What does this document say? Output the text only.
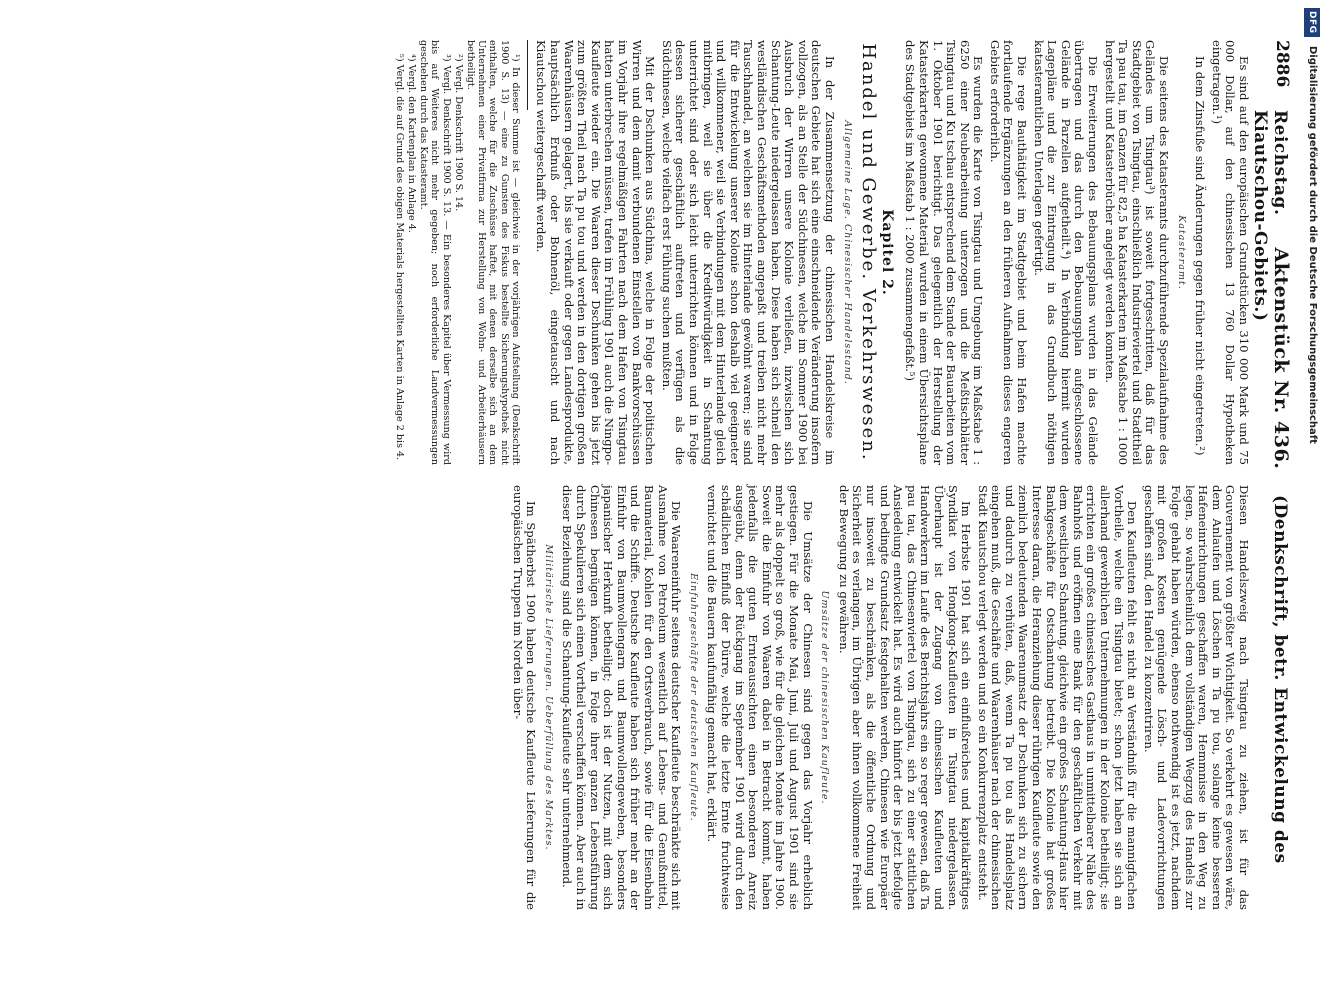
2886
Reichstag.     Aktenstück Nr. 436.    (Denkschrift, betr. Entwickelung des Kiautschou-Gebiets.)

Es sind auf den europäischen Grundstücken 310 000 Mark und 75 000 Dollar, auf den chinesischen 13 760 Dollar Hypotheken eingetragen.¹)

In dem Zinsfuße sind Änderungen gegen früher nicht eingetreten.²)

Katasteramt.

Die seitens des Katasteramts durchzuführende Spezialaufnahme des Geländes um Tsingtau³) ist soweit fortgeschritten, daß für das Stadtgebiet von Tsingtau, einschließlich Industrieviertel und Stadttheil Ta pau tau, im Ganzen für 82,5 ha Katasterkarten im Maßstabe 1 : 1000 hergestellt und Katasterbücher angelegt werden konnten.

Die Erweiterungen des Bebauungsplans wurden in das Gelände übertragen und das durch den Bebauungsplan aufgeschlossene Gelände in Parzellen aufgetheilt.⁴) In Verbindung hiermit wurden Lagepläne und die zur Eintragung in das Grundbuch nöthigen katasteramtlichen Unterlagen gefertigt.

Die rege Bauthätigkeit im Stadtgebiet und beim Hafen machte fortlaufende Ergänzungen an den früheren Aufnahmen dieses engeren Gebiets erforderlich.

Es wurden die Karte von Tsingtau und Umgebung im Maßstabe 1 : 6250 einer Neubearbeitung unterzogen und die Meßtischblätter Tsingtau und Ku tschau entsprechend dem Stande der Bauarbeiten vom 1. Oktober 1901 berichtigt. Das gelegentlich der Herstellung der Katasterkarten gewonnene Material wurden in einem Übersichtsplane des Stadtgebiets im Maßstab 1 : 2000 zusammengefaßt.⁵)

Kapitel 2.
Handel und Gewerbe. Verkehrswesen.
Allgemeine Lage. Chinesischer Handelsstand.

In der Zusammensetzung der chinesischen Handelskreise im deutschen Gebiete hat sich eine einschneidende Veränderung insofern vollzogen, als an Stelle der Südchinesen, welche im Sommer 1900 bei Ausbruch der Wirren unsere Kolonie verließen, inzwischen sich Schantung-Leute niedergelassen haben. Diese haben sich schnell den westländischen Geschäftsmethoden angepaßt und treiben nicht mehr Tauschhandel, an welchen sie im Hinterlande gewöhnt waren; sie sind für die Entwickelung unserer Kolonie schon deshalb viel geeigneter und willkommener, weil sie Verbindungen mit dem Hinterlande gleich mitbringen, weil sie über die Kreditwürdigkeit in Schantung unterrichtet sind oder sich leicht unterrichten können und in Folge dessen sicherer geschäftlich auftreten und verfügen als die Südchinesen, welche vielfach erst Fühlung suchen mußten.

Mit der Dschunken aus Südchina, welche in Folge der politischen Wirren und dem damit verbundenen Einstellen von Bankvorschüssen im Vorjahr ihre regelmäßigen Fahrten nach dem Hafen von Tsingtau hatten unterbrechen müssen, trafen im Frühling 1901 auch die Ningpo-Kaufleute wieder ein. Die Waaren dieser Dschunken gehen bis jetzt zum größten Theil nach Ta pu tou und werden in den dortigen großen Waarenhäusern gelagert, bis sie verkauft oder gegen Landesprodukte, hauptsächlich Erdnuß oder Bohnenöl, eingetauscht und nach Kiautschou weitergeschafft werden.

¹) In dieser Summe ist — gleichwie in der vorjährigen Aufstellung (Denkschrift 1900 S. 13) — eine zu Gunsten des Fiskus bestellte Sicherungshypothek nicht enthalten, welche für die Zuschüsse haftet, mit denen derselbe sich an dem Unternehmen einer Privatfirma zur Herstellung von Wohn- und Arbeiterhäusern betheiligt.
²) Vergl. Denkschrift 1900 S. 14.
³) Vergl. Denkschrift 1900 S. 13. — Ein besonderes Kapitel über Vermessung wird bis auf Weiteres nicht mehr gegeben; noch erforderliche Landvermessungen geschehen durch das Katasteramt.
⁴) Vergl. den Kartenplan in Anlage 4.
⁵) Vergl. die auf Grund des obigen Materials hergestellten Karten in Anlage 2 bis 4.

Diesen Handelszweig nach Tsingtau zu ziehen, ist für das Gouvernement von größter Wichtigkeit. So verkehrt es gewesen wäre, dem Anlaufen und Löschen in Ta pu tou, solange keine besseren Hafeneinrichtungen geschaffen waren, Hemmnisse in den Weg zu legen, so wahrscheinlich dem vollständigen Wegzug des Handels zur Folge gehabt haben würden, ebenso nothwendig ist es jetzt, nachdem mit großen Kosten genügende Lösch- und Ladevorrichtungen geschaffen sind, den Handel zu konzentriren.

Den Kaufleuten fehlt es nicht an Verständniß für die mannigfachen Vortheile, welche ein Tsingtau bietet; schon jetzt haben sie sich an allerhand gewerblichen Unternehmungen in der Kolonie betheiligt; sie errichten ein großes chinesisches Gasthaus in unmittelbarer Nähe des Bahnhofs und eröffnen eine Bank für den geschäftlichen Verkehr mit dem westlichen Schantung, gleichwie ein großes Schantung-Haus hier Bankgeschäfte für Ostschantung betreibt. Die Kolonie hat großes Interesse daran, die Heranziehung dieser rührigen Kaufleute sowie den ziemlich bedeutenden Waarenumsatz der Dschunken sich zu sichern und dadurch zu verhüten, daß, wenn Ta pu tou als Handelsplatz eingehen muß, die Geschäfte und Waarenhäuser nach der chinesischen Stadt Kiautschou verlegt werden und so ein Konkurrenzplatz entsteht.

Im Herbste 1901 hat sich ein einflußreiches und kapitalkräftiges Syndikat von Hongkong-Kaufleuten in Tsingtau niedergelassen. Überhaupt ist der Zugang von chinesischen Kaufleuten und Handwerkern im Laufe des Berichtsjahrs ein so reger gewesen, daß Ta pau tau, das Chinesenviertel von Tsingtau, sich zu einer stattlichen Ansiedelung entwickelt hat. Es wird auch hinfort der bis jetzt befolgte und bedingte Grundsatz festgehalten werden, Chinesen wie Europäer nur insoweit zu beschränken, als die öffentliche Ordnung und Sicherheit es verlangen, im Übrigen aber ihnen vollkommene Freiheit der Bewegung zu gewähren.

Umsätze der chinesischen Kaufleute.

Die Umsätze der Chinesen sind gegen das Vorjahr erheblich gestiegen. Für die Monate Mai, Juni, Juli und August 1901 sind sie mehr als doppelt so groß, wie für die gleichen Monate im Jahre 1900. Soweit die Einfuhr von Waaren dabei in Betracht kommt, haben jedenfalls die guten Ernteaussichten einen besonderen Anreiz ausgeübt, denn der Rückgang im September 1901 wird durch den schädlichen Einfluß der Dürre, welche die letzte Ernte fruchtweise vernichtet und die Bauern kaufunfähig gemacht hat, erklärt.

Einfuhrgeschäfte der deutschen Kaufleute.

Die Waareneinfuhr seitens deutscher Kaufleute beschränkte sich mit Ausnahme von Petroleum wesentlich auf Lebens- und Genußmittel, Baumaterial, Kohlen für den Ortsverbrauch, sowie für die Eisenbahn und die Schiffe. Deutsche Kaufleute haben sich früher mehr an der Einfuhr von Baumwollengarn und Baumwollengeweben, besonders japanischer Herkunft betheiligt; doch ist der Nutzen, mit dem sich Chinesen begnügen können, in Folge ihrer ganzen Lebensführung durch Spekulieren sich einen Vortheil verschaffen können. Aber auch in dieser Beziehung sind die Schantung-Kaufleute sehr unternehmend.

Militärische Lieferungen. Ueberfüllung des Marktes.

Im Spätherbst 1900 haben deutsche Kaufleute Lieferungen für die europäischen Truppen im Norden über-

DFG Digitalisierung gefördert durch die Deutsche Forschungsgemeinschaft
